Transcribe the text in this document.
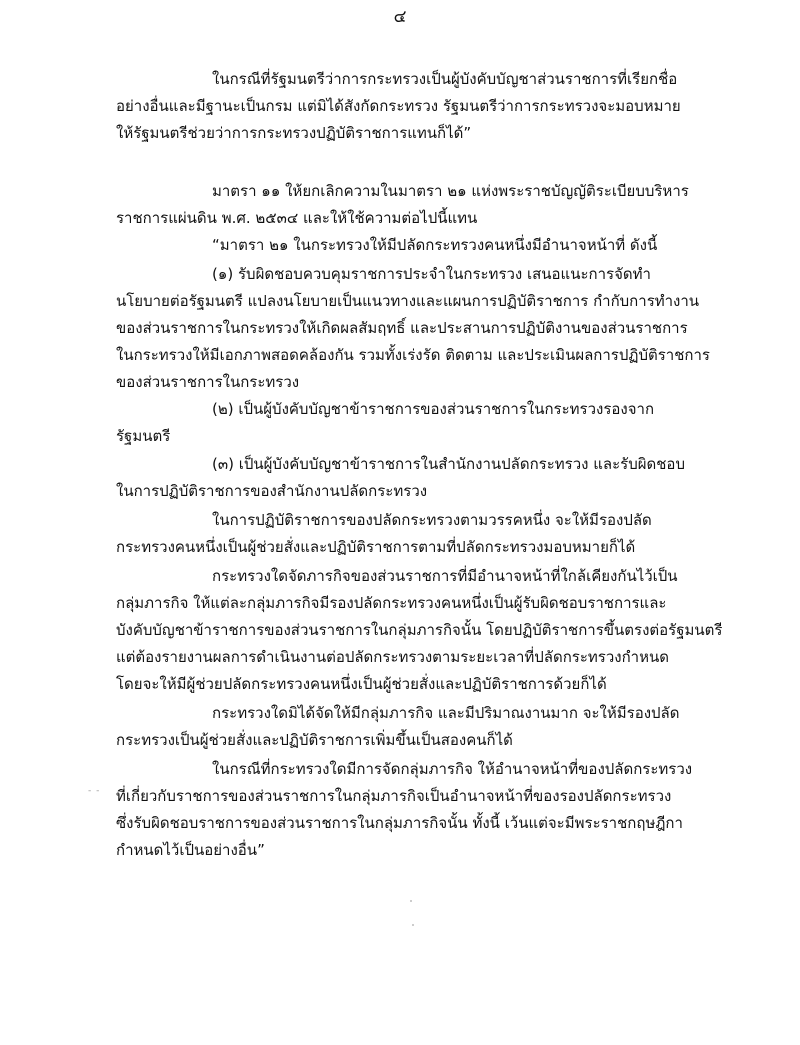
๔
ในกรณีที่รัฐมนตรีว่าการกระทรวงเป็นผู้บังคับบัญชาส่วนราชการที่เรียกชื่อ
อย่างอื่นและมีฐานะเป็นกรม แต่มิได้สังกัดกระทรวง รัฐมนตรีว่าการกระทรวงจะมอบหมาย
ให้รัฐมนตรีช่วยว่าการกระทรวงปฏิบัติราชการแทนก็ได้”
มาตรา ๑๑ ให้ยกเลิกความในมาตรา ๒๑ แห่งพระราชบัญญัติระเบียบบริหาร
ราชการแผ่นดิน พ.ศ. ๒๕๓๔ และให้ใช้ความต่อไปนี้แทน
“มาตรา ๒๑ ในกระทรวงให้มีปลัดกระทรวงคนหนึ่งมีอำนาจหน้าที่ ดังนี้
(๑) รับผิดชอบควบคุมราชการประจำในกระทรวง เสนอแนะการจัดทำ
นโยบายต่อรัฐมนตรี แปลงนโยบายเป็นแนวทางและแผนการปฏิบัติราชการ กำกับการทำงาน
ของส่วนราชการในกระทรวงให้เกิดผลสัมฤทธิ์ และประสานการปฏิบัติงานของส่วนราชการ
ในกระทรวงให้มีเอกภาพสอดคล้องกัน รวมทั้งเร่งรัด ติดตาม และประเมินผลการปฏิบัติราชการ
ของส่วนราชการในกระทรวง
(๒) เป็นผู้บังคับบัญชาข้าราชการของส่วนราชการในกระทรวงรองจาก
รัฐมนตรี
(๓) เป็นผู้บังคับบัญชาข้าราชการในสำนักงานปลัดกระทรวง และรับผิดชอบ
ในการปฏิบัติราชการของสำนักงานปลัดกระทรวง
ในการปฏิบัติราชการของปลัดกระทรวงตามวรรคหนึ่ง จะให้มีรองปลัด
กระทรวงคนหนึ่งเป็นผู้ช่วยสั่งและปฏิบัติราชการตามที่ปลัดกระทรวงมอบหมายก็ได้
กระทรวงใดจัดภารกิจของส่วนราชการที่มีอำนาจหน้าที่ใกล้เคียงกันไว้เป็น
กลุ่มภารกิจ ให้แต่ละกลุ่มภารกิจมีรองปลัดกระทรวงคนหนึ่งเป็นผู้รับผิดชอบราชการและ
บังคับบัญชาข้าราชการของส่วนราชการในกลุ่มภารกิจนั้น โดยปฏิบัติราชการขึ้นตรงต่อรัฐมนตรี
แต่ต้องรายงานผลการดำเนินงานต่อปลัดกระทรวงตามระยะเวลาที่ปลัดกระทรวงกำหนด
โดยจะให้มีผู้ช่วยปลัดกระทรวงคนหนึ่งเป็นผู้ช่วยสั่งและปฏิบัติราชการด้วยก็ได้
กระทรวงใดมิได้จัดให้มีกลุ่มภารกิจ และมีปริมาณงานมาก จะให้มีรองปลัด
กระทรวงเป็นผู้ช่วยสั่งและปฏิบัติราชการเพิ่มขึ้นเป็นสองคนก็ได้
ในกรณีที่กระทรวงใดมีการจัดกลุ่มภารกิจ ให้อำนาจหน้าที่ของปลัดกระทรวง
ที่เกี่ยวกับราชการของส่วนราชการในกลุ่มภารกิจเป็นอำนาจหน้าที่ของรองปลัดกระทรวง
ซึ่งรับผิดชอบราชการของส่วนราชการในกลุ่มภารกิจนั้น ทั้งนี้ เว้นแต่จะมีพระราชกฤษฎีกา
กำหนดไว้เป็นอย่างอื่น”
- -
